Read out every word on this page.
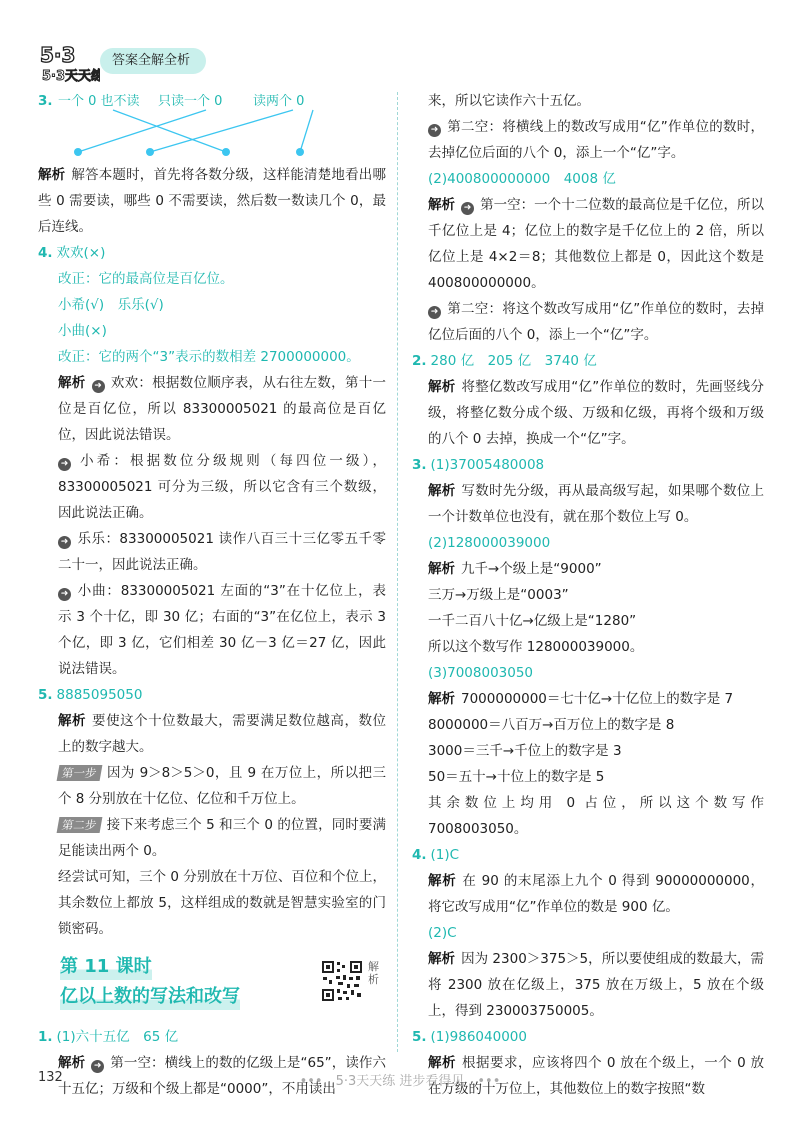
5·3
5·3天天练
答案全解全析
3. 一个 0 也不读 只读一个 0 读两个 0
解析 解答本题时，首先将各数分级，这样能清楚地看出哪些 0 需要读，哪些 0 不需要读，然后数一数读几个 0，最后连线。
4. 欢欢(×)
改正：它的最高位是百亿位。
小希(√)　乐乐(√)
小曲(×)
改正：它的两个“3”表示的数相差 2700000000。
解析 ➜ 欢欢：根据数位顺序表，从右往左数，第十一位是百亿位，所以 83300005021 的最高位是百亿位，因此说法错误。
➜ 小希：根据数位分级规则（每四位一级），83300005021 可分为三级，所以它含有三个数级，因此说法正确。
➜ 乐乐：83300005021 读作八百三十三亿零五千零二十一，因此说法正确。
➜ 小曲：83300005021 左面的“3”在十亿位上，表示 3 个十亿，即 30 亿；右面的“3”在亿位上，表示 3 个亿，即 3 亿，它们相差 30 亿－3 亿＝27 亿，因此说法错误。
5. 8885095050
解析 要使这个十位数最大，需要满足数位越高，数位上的数字越大。
第一步 因为 9＞8＞5＞0，且 9 在万位上，所以把三个 8 分别放在十亿位、亿位和千万位上。
第二步 接下来考虑三个 5 和三个 0 的位置，同时要满足能读出两个 0。
经尝试可知，三个 0 分别放在十万位、百位和个位上，其余数位上都放 5，这样组成的数就是智慧实验室的门锁密码。
第 11 课时
亿以上数的写法和改写
解析
1. (1)六十五亿　65 亿
解析 ➜ 第一空：横线上的数的亿级上是“65”，读作六十五亿；万级和个级上都是“0000”，不用读出
来，所以它读作六十五亿。
➜ 第二空：将横线上的数改写成用“亿”作单位的数时，去掉亿位后面的八个 0，添上一个“亿”字。
(2)400800000000　4008 亿
解析 ➜ 第一空：一个十二位数的最高位是千亿位，所以千亿位上是 4；亿位上的数字是千亿位上的 2 倍，所以亿位上是 4×2＝8；其他数位上都是 0，因此这个数是 400800000000。
➜ 第二空：将这个数改写成用“亿”作单位的数时，去掉亿位后面的八个 0，添上一个“亿”字。
2. 280 亿　205 亿　3740 亿
解析 将整亿数改写成用“亿”作单位的数时，先画竖线分级，将整亿数分成个级、万级和亿级，再将个级和万级的八个 0 去掉，换成一个“亿”字。
3. (1)37005480008
解析 写数时先分级，再从最高级写起，如果哪个数位上一个计数单位也没有，就在那个数位上写 0。
(2)128000039000
解析 九千→个级上是“9000”
三万→万级上是“0003”
一千二百八十亿→亿级上是“1280”
所以这个数写作 128000039000。
(3)7008003050
解析 7000000000＝七十亿→十亿位上的数字是 7
8000000＝八百万→百万位上的数字是 8
3000＝三千→千位上的数字是 3
50＝五十→十位上的数字是 5
其余数位上均用 0 占位，所以这个数写作 7008003050。
4. (1)C
解析 在 90 的末尾添上九个 0 得到 90000000000，将它改写成用“亿”作单位的数是 900 亿。
(2)C
解析 因为 2300＞375＞5，所以要使组成的数最大，需将 2300 放在亿级上，375 放在万级上，5 放在个级上，得到 230003750005。
5. (1)986040000
解析 根据要求，应该将四个 0 放在个级上，一个 0 放在万级的十万位上，其他数位上的数字按照“数
132	•••　5·3天天练 进步看得见　•••
